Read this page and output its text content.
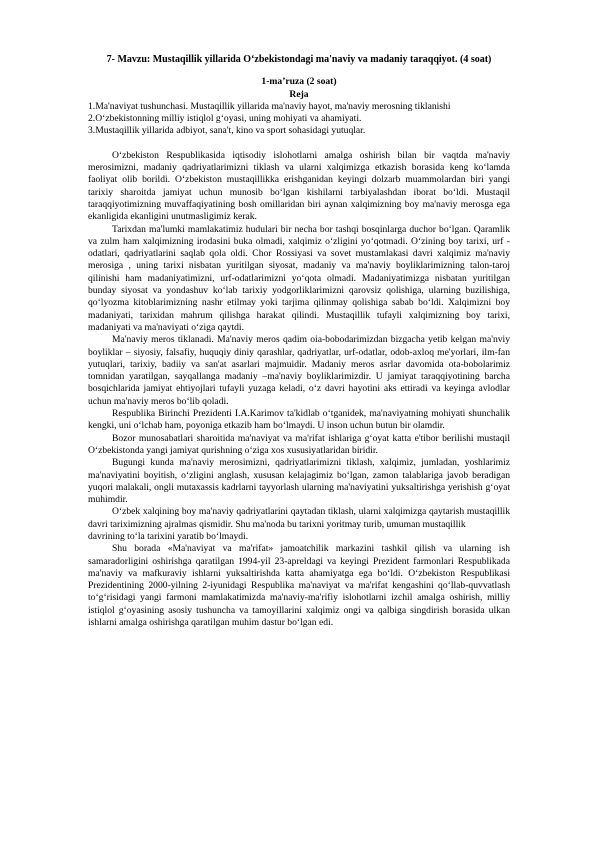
7- Mavzu: Mustaqillik yillarida O‘zbekistondagi ma'naviy va madaniy taraqqiyot. (4 soat)

1-ma’ruza (2 soat)

Reja

1.Ma'naviyat tushunchasi. Mustaqillik yillarida ma'naviy hayot, ma'naviy merosning tiklanishi

2.O‘zbekistonning milliy istiqlol g‘oyasi, uning mohiyati va ahamiyati.

3.Mustaqillik yillarida adbiyot, sana't, kino va sport sohasidagi yutuqlar.

O‘zbekiston Respublikasida iqtisodiy islohotlarni amalga oshirish bilan bir vaqtda ma'naviy merosimizni, madaniy qadriyatlarimizni tiklash va ularni xalqimizga etkazish borasida keng ko‘lamda faoliyat olib borildi. O‘zbekiston mustaqillikka erishganidan keyingi dolzarb muammolardan biri yangi tarixiy sharoitda jamiyat uchun munosib bo‘lgan kishilarni tarbiyalashdan iborat bo‘ldi. Mustaqil taraqqiyotimizning muvaffaqiyatining bosh omillaridan biri aynan xalqimizning boy ma'naviy merosga ega ekanligida ekanligini unutmasligimiz kerak.

Tarixdan ma'lumki mamlakatimiz hudulari bir necha bor tashqi bosqinlarga duchor bo‘lgan. Qaramlik va zulm ham xalqimizning irodasini buka olmadi, xalqimiz o‘zligini yo‘qotmadi. O‘zining boy tarixi, urf -odatlari, qadriyatlarini saqlab qola oldi. Chor Rossiyasi va sovet mustamlakasi davri xalqimiz ma'naviy merosiga , uning tarixi nisbatan yuritilgan siyosat, madaniy va ma'naviy boyliklarimizning talon-taroj qilinishi ham madaniyatimizni, urf-odatlarimizni yo‘qota olmadi. Madaniyatimizga nisbatan yuritilgan bunday siyosat va yondashuv ko‘lab tarixiy yodgorliklarimizni qarovsiz qolishiga, ularning buzilishiga, qo‘lyozma kitoblarimizning nashr etilmay yoki tarjima qilinmay qolishiga sabab bo‘ldi. Xalqimizni boy madaniyati, tarixidan mahrum qilishga harakat qilindi. Mustaqillik tufayli xalqimizning boy tarixi, madaniyati va ma'naviyati o‘ziga qaytdi.

Ma'naviy meros tiklanadi. Ma'naviy meros qadim oia-bobodarimizdan bizgacha yetib kelgan ma'nviy boyliklar – siyosiy, falsafiy, huquqiy diniy qarashlar, qadriyatlar, urf-odatlar, odob-axloq me'yorlari, ilm-fan yutuqlari, tarixiy, badiiy va san'at asarlari majmuidir. Madaniy meros asrlar davomida ota-bobolarimiz tomnidan yaratilgan, sayqallanga madaniy –ma'naviy boyliklarimizdir. U jamiyat taraqqiyotining barcha bosqichlarida jamiyat ehtiyojlari tufayli yuzaga keladi, o‘z davri hayotini aks ettiradi va keyinga avlodlar uchun ma'naviy meros bo‘lib qoladi.

Respublika Birinchi Prezidenti I.A.Karimov ta'kidlab o‘tganidek, ma'naviyatning mohiyati shunchalik kengki, uni o‘lchab ham, poyoniga etkazib ham bo‘lmaydi. U inson uchun butun bir olamdir.

Bozor munosabatlari sharoitida ma'naviyat va ma'rifat ishlariga g‘oyat katta e'tibor berilishi mustaqil O‘zbekistonda yangi jamiyat qurishning o‘ziga xos xususiyatlaridan biridir.

Bugungi kunda ma'naviy merosimizni, qadriyatlarimizni tiklash, xalqimiz, jumladan, yoshlarimiz ma'naviyatini boyitish, o‘zligini anglash, xususan kelajagimiz bo‘lgan, zamon talablariga javob beradigan yuqori malakali, ongli mutaxassis kadrlarni tayyorlash ularning ma'naviyatini yuksaltirishga yerishish g‘oyat muhimdir.

O‘zbek xalqining boy ma'naviy qadriyatlarini qaytadan tiklash, ularni xalqimizga qaytarish mustaqillik davri tariximizning ajralmas qismidir. Shu ma'noda bu tarixni yoritmay turib, umuman mustaqillik

davrining to‘la tarixini yaratib bo‘lmaydi.

Shu borada «Ma'naviyat va ma'rifat» jamoatchilik markazini tashkil qilish va ularning ish samaradorligini oshirishga qaratilgan 1994-yil 23-apreldagi va keyingi Prezident farmonlari Respublikada ma'naviy va mafkuraviy ishlarni yuksaltirishda katta ahamiyatga ega bo‘ldi. O‘zbekiston Respublikasi Prezidentining 2000-yilning 2-iyunidagi Respublika ma'naviyat va ma'rifat kengashini qo‘llab-quvvatlash to‘g‘risidagi yangi farmoni mamlakatimizda ma'naviy-ma'rifiy islohotlarni izchil amalga oshirish, milliy istiqlol g‘oyasining asosiy tushuncha va tamoyillarini xalqimiz ongi va qalbiga singdirish borasida ulkan ishlarni amalga oshirishga qaratilgan muhim dastur bo‘lgan edi.
